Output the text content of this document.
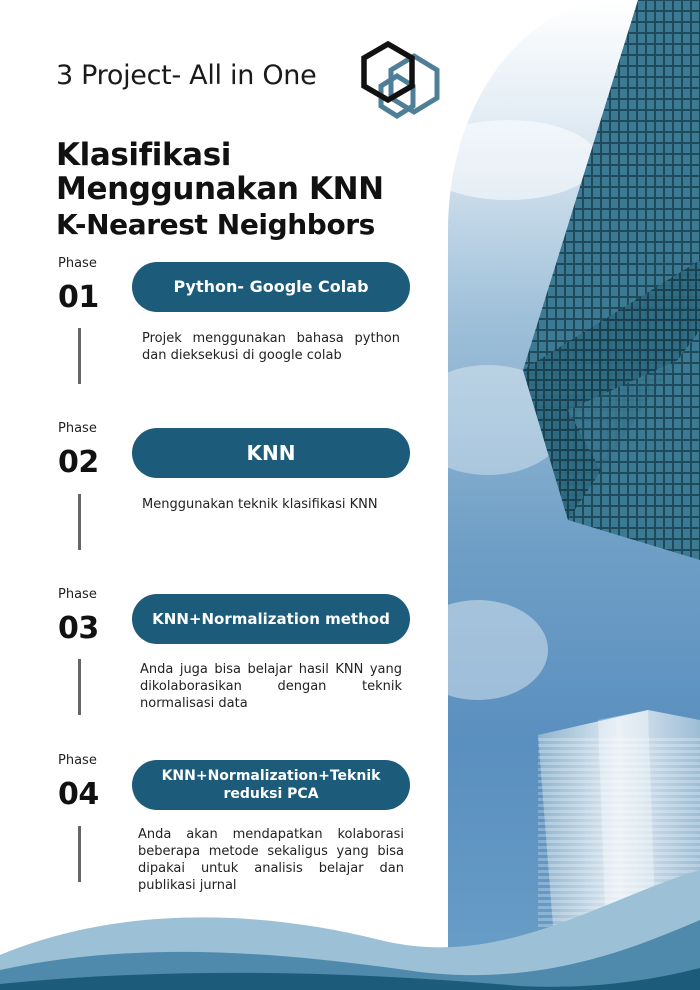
3 Project- All in One
Klasifikasi
Menggunakan KNN
K-Nearest Neighbors
Phase
01	Python- Google Colab
Projek menggunakan bahasa python dan dieksekusi di google colab
Phase
02	KNN
Menggunakan teknik klasifikasi KNN
Phase
03	KNN+Normalization method
Anda juga bisa belajar hasil KNN yang dikolaborasikan dengan teknik normalisasi data
Phase
04
KNN+Normalization+Teknik reduksi PCA
Anda akan mendapatkan kolaborasi beberapa metode sekaligus yang bisa dipakai untuk analisis belajar dan publikasi jurnal
